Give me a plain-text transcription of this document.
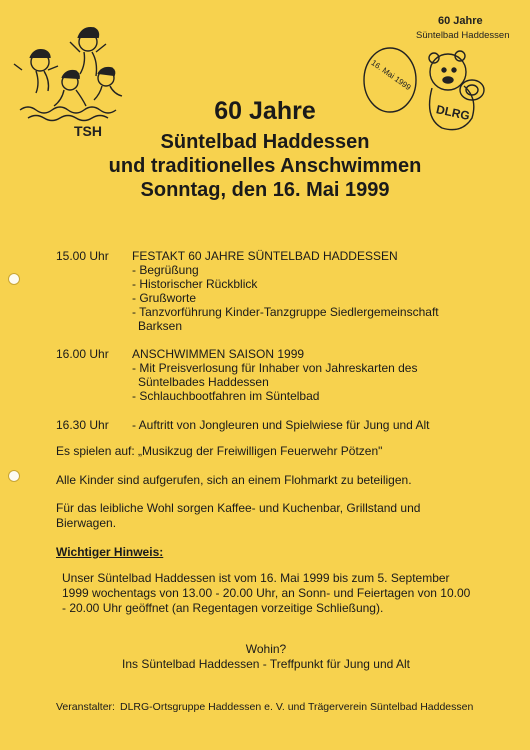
TSH
60 Jahre
Süntelbad Haddessen
16. Mai 1999
DLRG
60 Jahre
Süntelbad Haddessen
und traditionelles Anschwimmen
Sonntag, den 16. Mai 1999
15.00 Uhr	FESTAKT 60 JAHRE SÜNTELBAD HADDESSEN
- Begrüßung
- Historischer Rückblick
- Grußworte
- Tanzvorführung Kinder-Tanzgruppe Siedlergemeinschaft
Barksen
16.00 Uhr	ANSCHWIMMEN SAISON 1999
- Mit Preisverlosung für Inhaber von Jahreskarten des
Süntelbades Haddessen
- Schlauchbootfahren im Süntelbad
16.30 Uhr	- Auftritt von Jongleuren und Spielwiese für Jung und Alt
Es spielen auf: „Musikzug der Freiwilligen Feuerwehr Pötzen"
Alle Kinder sind aufgerufen, sich an einem Flohmarkt zu beteiligen.
Für das leibliche Wohl sorgen Kaffee- und Kuchenbar, Grillstand und Bierwagen.
Wichtiger Hinweis:
Unser Süntelbad Haddessen ist vom 16. Mai 1999 bis zum 5. September 1999 wochentags von 13.00 - 20.00 Uhr, an Sonn- und Feiertagen von 10.00 - 20.00 Uhr geöffnet (an Regentagen vorzeitige Schließung).
Wohin?
Ins Süntelbad Haddessen - Treffpunkt für Jung und Alt
Veranstalter: DLRG-Ortsgruppe Haddessen e. V. und Trägerverein Süntelbad Haddessen
